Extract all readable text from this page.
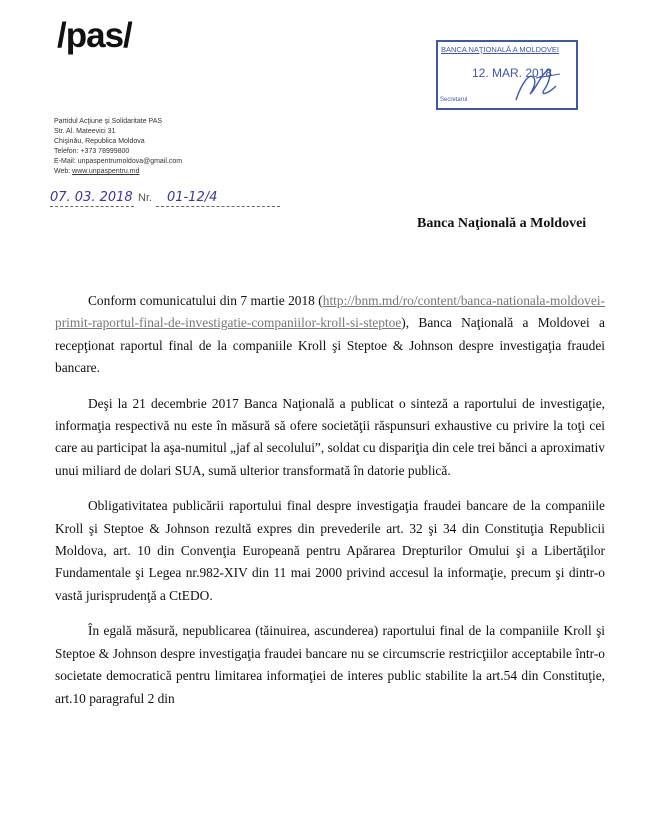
/pas/
Partidul Acţiune şi Solidaritate PAS
Str. Al. Mateevici 31
Chişinău, Republica Moldova
Telefon: +373 78999800
E-Mail: unpaspentrumoldova@gmail.com
Web: www.unpaspentru.md
07. 03. 2018 Nr. 01-12/4
BANCA NAŢIONALĂ A MOLDOVEI
12. MAR. 2018
Secretarul
Banca Naţională a Moldovei

Conform comunicatului din 7 martie 2018 (http://bnm.md/ro/content/banca-nationala-moldovei-primit-raportul-final-de-investigatie-companiilor-kroll-si-steptoe), Banca Naţională a Moldovei a recepţionat raportul final de la companiile Kroll şi Steptoe & Johnson despre investigaţia fraudei bancare.

Deşi la 21 decembrie 2017 Banca Naţională a publicat o sinteză a raportului de investigaţie, informaţia respectivă nu este în măsură să ofere societăţii răspunsuri exhaustive cu privire la toţi cei care au participat la aşa-numitul „jaf al secolului”, soldat cu dispariţia din cele trei bănci a aproximativ unui miliard de dolari SUA, sumă ulterior transformată în datorie publică.

Obligativitatea publicării raportului final despre investigaţia fraudei bancare de la companiile Kroll şi Steptoe & Johnson rezultă expres din prevederile art. 32 şi 34 din Constituţia Republicii Moldova, art. 10 din Convenţia Europeană pentru Apărarea Drepturilor Omului şi a Libertăţilor Fundamentale şi Legea nr.982-XIV din 11 mai 2000 privind accesul la informaţie, precum şi dintr-o vastă jurisprudenţă a CtEDO.

În egală măsură, nepublicarea (tăinuirea, ascunderea) raportului final de la companiile Kroll şi Steptoe & Johnson despre investigaţia fraudei bancare nu se circumscrie restricţiilor acceptabile într-o societate democratică pentru limitarea informaţiei de interes public stabilite la art.54 din Constituţie, art.10 paragraful 2 din
